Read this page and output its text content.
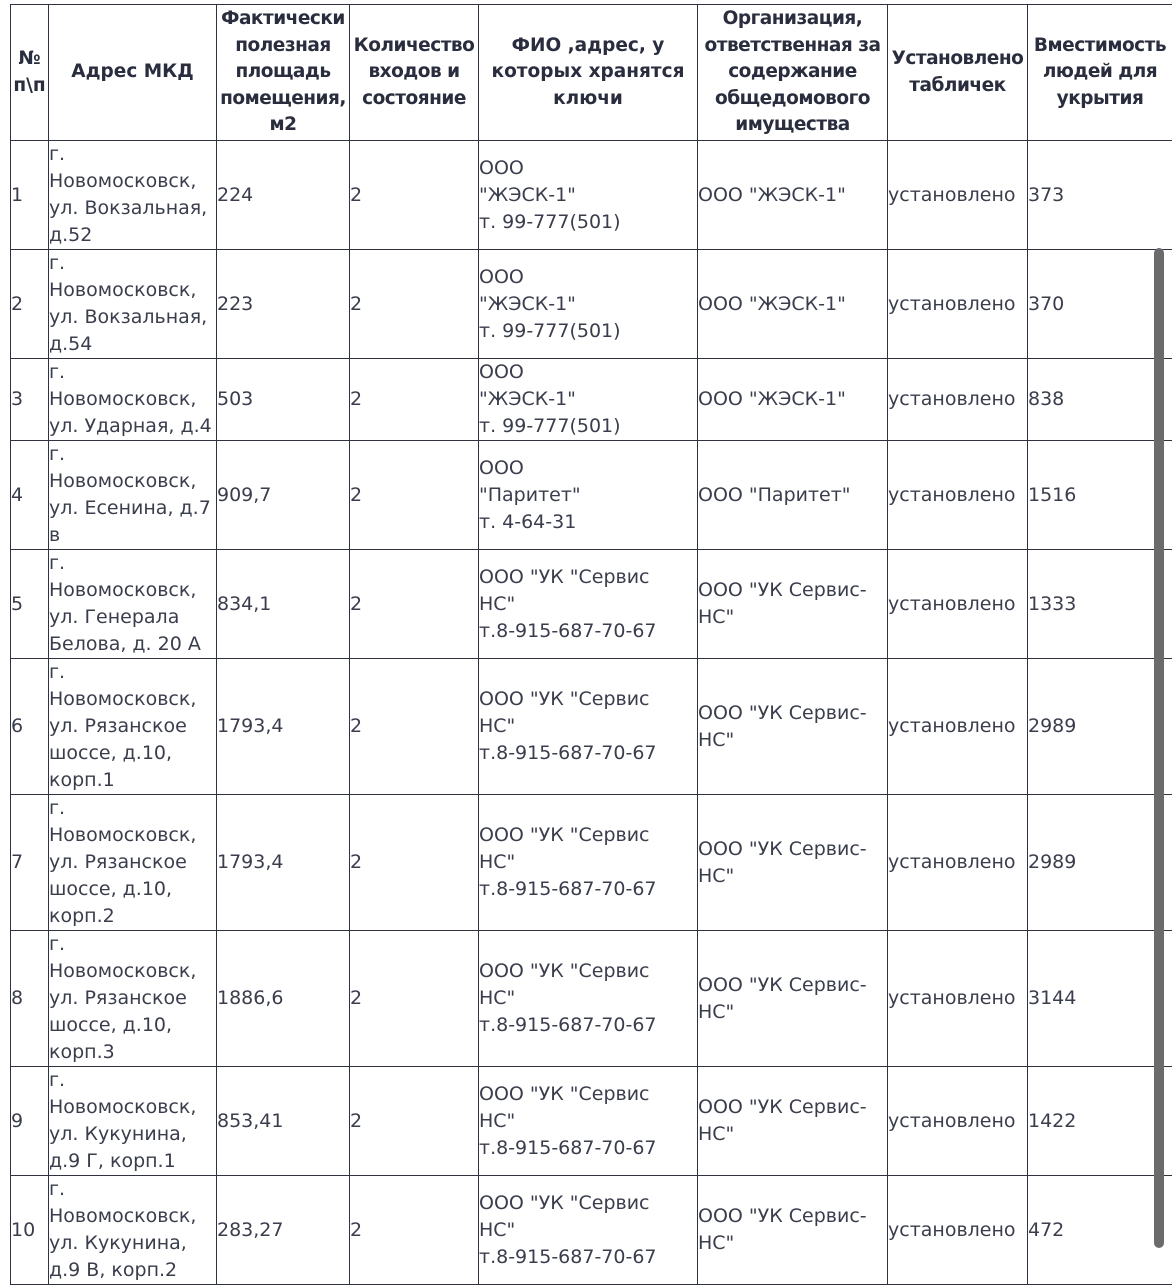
№
п\п	Адрес МКД	Фактически
полезная
площадь
помещения,
м2	Количество
входов и
состояние	ФИО ,адрес, у
которых хранятся
ключи	Организация,
ответственная за
содержание
общедомового
имущества	Установлено
табличек	Вместимость
людей для
укрытия

1	г.
Новомосковск,
ул. Вокзальная,
д.52	224	2	ООО
"ЖЭСК-1"
т. 99-777(501)	ООО "ЖЭСК-1"	установлено	373
2	г.
Новомосковск,
ул. Вокзальная,
д.54	223	2	ООО
"ЖЭСК-1"
т. 99-777(501)	ООО "ЖЭСК-1"	установлено	370
3	г.
Новомосковск,
ул. Ударная, д.4	503	2	ООО
"ЖЭСК-1"
т. 99-777(501)	ООО "ЖЭСК-1"	установлено	838
4	г.
Новомосковск,
ул. Есенина, д.7
в	909,7	2	ООО
"Паритет"
т. 4-64-31	ООО "Паритет"	установлено	1516
5	г.
Новомосковск,
ул. Генерала
Белова, д. 20 А	834,1	2	ООО "УК "Сервис
НС"
т.8-915-687-70-67	ООО "УК Сервис-
НС"	установлено	1333
6	г.
Новомосковск,
ул. Рязанское
шоссе, д.10,
корп.1	1793,4	2	ООО "УК "Сервис
НС"
т.8-915-687-70-67	ООО "УК Сервис-
НС"	установлено	2989
7	г.
Новомосковск,
ул. Рязанское
шоссе, д.10,
корп.2	1793,4	2	ООО "УК "Сервис
НС"
т.8-915-687-70-67	ООО "УК Сервис-
НС"	установлено	2989
8	г.
Новомосковск,
ул. Рязанское
шоссе, д.10,
корп.3	1886,6	2	ООО "УК "Сервис
НС"
т.8-915-687-70-67	ООО "УК Сервис-
НС"	установлено	3144
9	г.
Новомосковск,
ул. Кукунина,
д.9 Г, корп.1	853,41	2	ООО "УК "Сервис
НС"
т.8-915-687-70-67	ООО "УК Сервис-
НС"	установлено	1422
10	г.
Новомосковск,
ул. Кукунина,
д.9 В, корп.2	283,27	2	ООО "УК "Сервис
НС"
т.8-915-687-70-67	ООО "УК Сервис-
НС"	установлено	472
